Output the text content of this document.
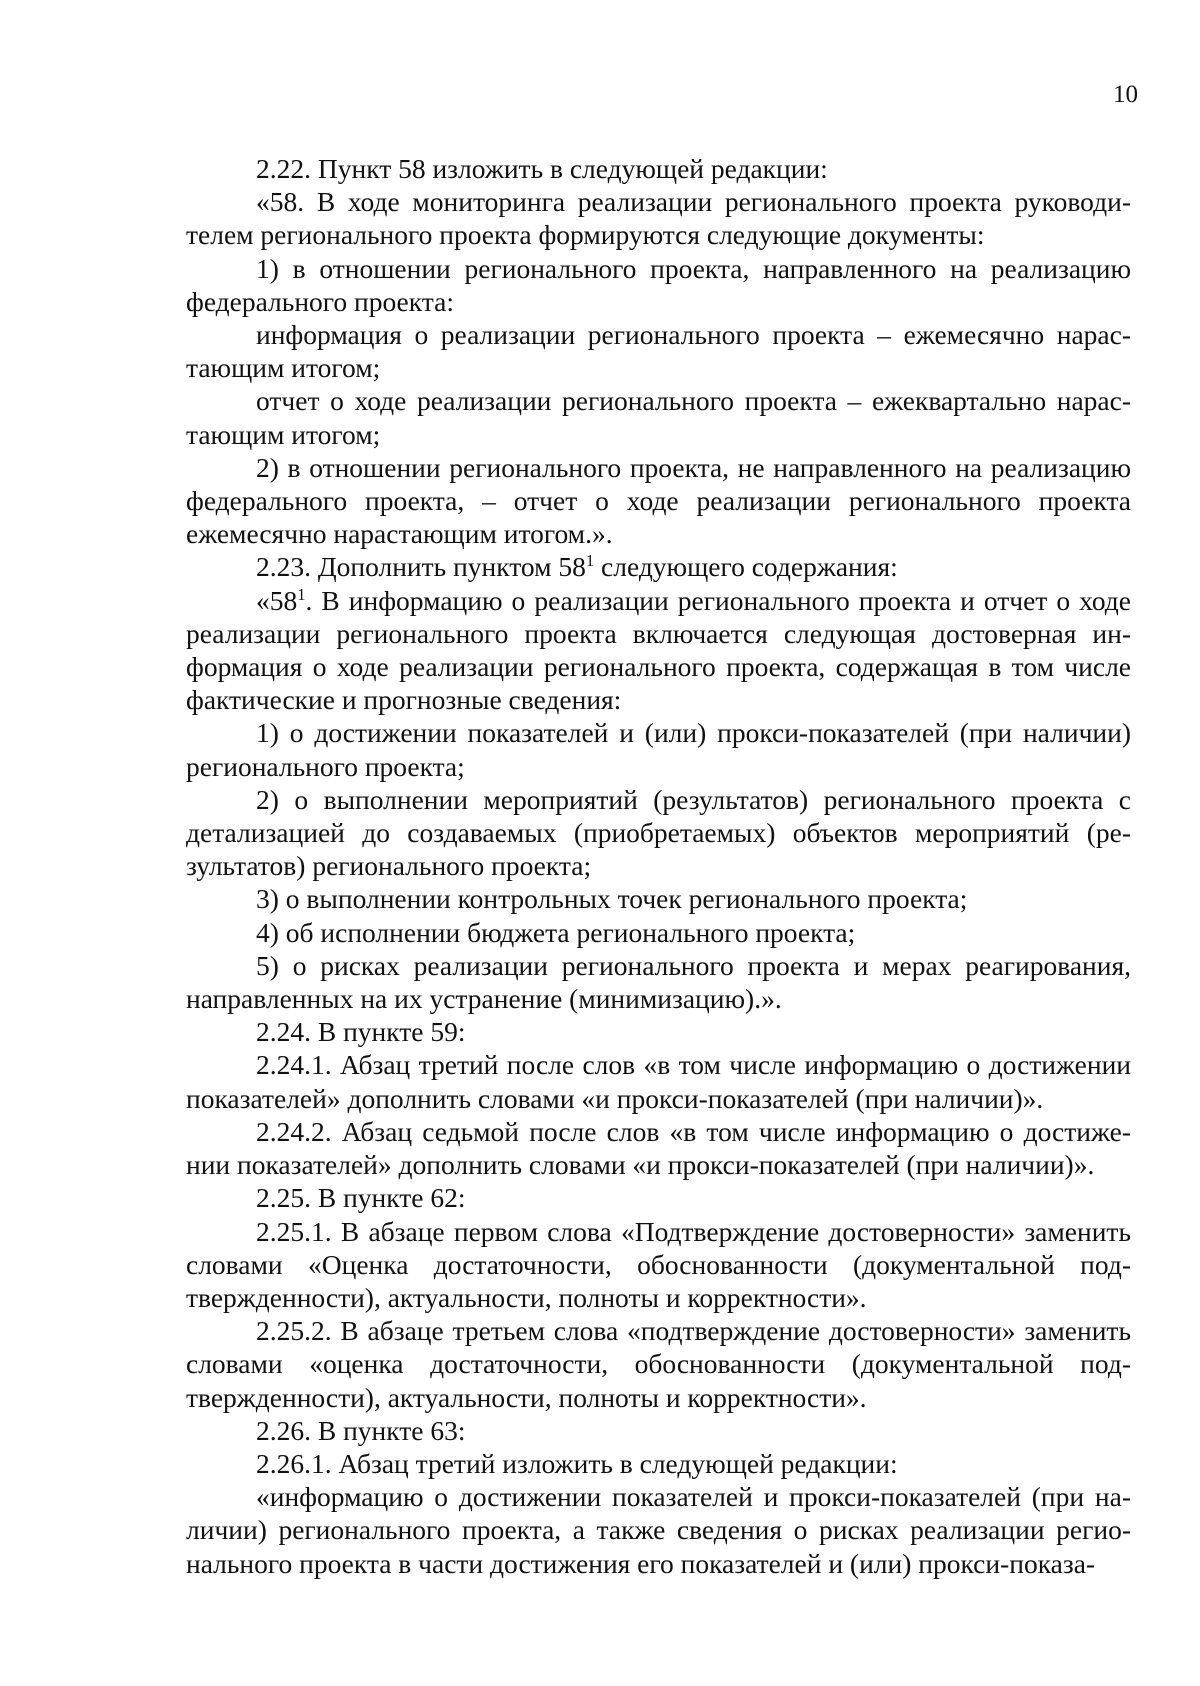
10

2.22. Пункт 58 изложить в следующей редакции:

«58. В ходе мониторинга реализации регионального проекта руководителем регионального проекта формируются следующие документы:

1) в отношении регионального проекта, направленного на реализацию федерального проекта:

информация о реализации регионального проекта – ежемесячно нарастающим итогом;

отчет о ходе реализации регионального проекта – ежеквартально нарастающим итогом;

2) в отношении регионального проекта, не направленного на реализацию федерального проекта, – отчет о ходе реализации регионального проекта ежемесячно нарастающим итогом.».

2.23. Дополнить пунктом $58^1$ следующего содержания:

«$58^1$. В информацию о реализации регионального проекта и отчет о ходе реализации регионального проекта включается следующая достоверная информация о ходе реализации регионального проекта, содержащая в том числе фактические и прогнозные сведения:

1) о достижении показателей и (или) прокси-показателей (при наличии) регионального проекта;

2) о выполнении мероприятий (результатов) регионального проекта с детализацией до создаваемых (приобретаемых) объектов мероприятий (результатов) регионального проекта;

3) о выполнении контрольных точек регионального проекта;

4) об исполнении бюджета регионального проекта;

5) о рисках реализации регионального проекта и мерах реагирования, направленных на их устранение (минимизацию).».

2.24. В пункте 59:

2.24.1. Абзац третий после слов «в том числе информацию о достижении показателей» дополнить словами «и прокси-показателей (при наличии)».

2.24.2. Абзац седьмой после слов «в том числе информацию о достижении показателей» дополнить словами «и прокси-показателей (при наличии)».

2.25. В пункте 62:

2.25.1. В абзаце первом слова «Подтверждение достоверности» заменить словами «Оценка достаточности, обоснованности (документальной подтвержденности), актуальности, полноты и корректности».

2.25.2. В абзаце третьем слова «подтверждение достоверности» заменить словами «оценка достаточности, обоснованности (документальной подтвержденности), актуальности, полноты и корректности».

2.26. В пункте 63:

2.26.1. Абзац третий изложить в следующей редакции:

«информацию о достижении показателей и прокси-показателей (при наличии) регионального проекта, а также сведения о рисках реализации регионального проекта в части достижения его показателей и (или) прокси-показа-
